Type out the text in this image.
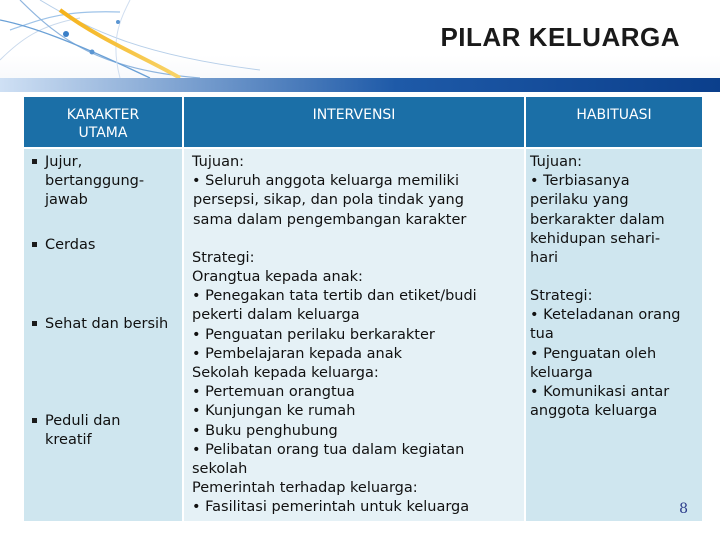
PILAR KELUARGA
KARAKTER UTAMA
INTERVENSI	HABITUASI
Jujur, bertanggung-jawab
Cerdas
Sehat dan bersih
Peduli dan kreatif
Tujuan:
• Seluruh anggota keluarga memiliki
persepsi, sikap, dan pola tindak yang
sama dalam pengembangan karakter
Strategi:
Orangtua kepada anak:
• Penegakan tata tertib dan etiket/budi
pekerti dalam keluarga
• Penguatan perilaku berkarakter
• Pembelajaran kepada anak
Sekolah kepada keluarga:
• Pertemuan orangtua
• Kunjungan ke rumah
• Buku penghubung
• Pelibatan orang tua dalam kegiatan
sekolah
Pemerintah terhadap keluarga:
• Fasilitasi pemerintah untuk keluarga
Tujuan:
• Terbiasanya
perilaku yang
berkarakter dalam
kehidupan sehari-
hari
Strategi:
• Keteladanan orang
tua
• Penguatan oleh
keluarga
• Komunikasi antar
anggota keluarga
8
